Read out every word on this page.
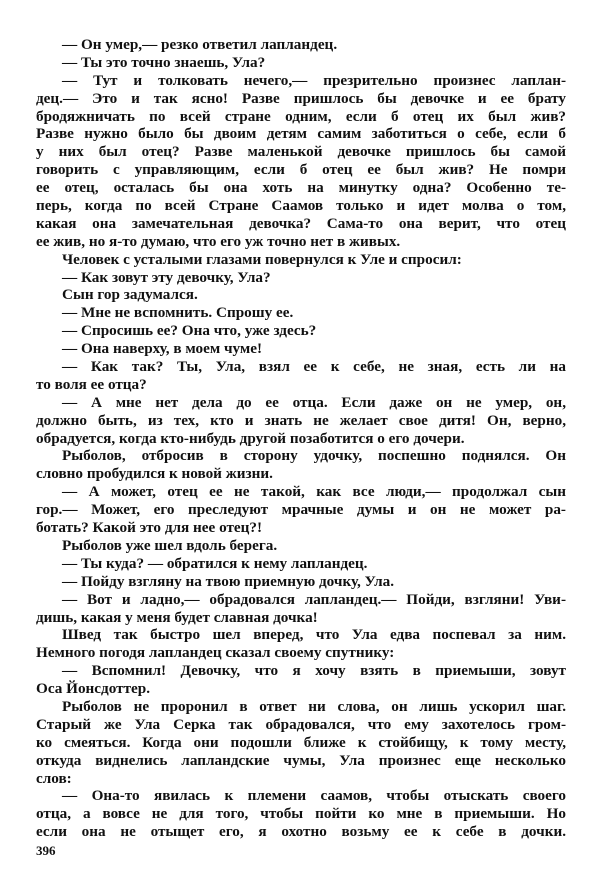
— Он умер,— резко ответил лапландец.
— Ты это точно знаешь, Ула?
— Тут и толковать нечего,— презрительно произнес лаплан-
дец.— Это и так ясно! Разве пришлось бы девочке и ее брату
бродяжничать по всей стране одним, если б отец их был жив?
Разве нужно было бы двоим детям самим заботиться о себе, если б
у них был отец? Разве маленькой девочке пришлось бы самой
говорить с управляющим, если б отец ее был жив? Не помри
ее отец, осталась бы она хоть на минутку одна? Особенно те-
перь, когда по всей Стране Саамов только и идет молва о том,
какая она замечательная девочка? Сама-то она верит, что отец
ее жив, но я-то думаю, что его уж точно нет в живых.
Человек с усталыми глазами повернулся к Уле и спросил:
— Как зовут эту девочку, Ула?
Сын гор задумался.
— Мне не вспомнить. Спрошу ее.
— Спросишь ее? Она что, уже здесь?
— Она наверху, в моем чуме!
— Как так? Ты, Ула, взял ее к себе, не зная, есть ли на
то воля ее отца?
— А мне нет дела до ее отца. Если даже он не умер, он,
должно быть, из тех, кто и знать не желает свое дитя! Он, верно,
обрадуется, когда кто-нибудь другой позаботится о его дочери.
Рыболов, отбросив в сторону удочку, поспешно поднялся. Он
словно пробудился к новой жизни.
— А может, отец ее не такой, как все люди,— продолжал сын
гор.— Может, его преследуют мрачные думы и он не может ра-
ботать? Какой это для нее отец?!
Рыболов уже шел вдоль берега.
— Ты куда? — обратился к нему лапландец.
— Пойду взгляну на твою приемную дочку, Ула.
— Вот и ладно,— обрадовался лапландец.— Пойди, взгляни! Уви-
дишь, какая у меня будет славная дочка!
Швед так быстро шел вперед, что Ула едва поспевал за ним.
Немного погодя лапландец сказал своему спутнику:
— Вспомнил! Девочку, что я хочу взять в приемыши, зовут
Оса Йонсдоттер.
Рыболов не проронил в ответ ни слова, он лишь ускорил шаг.
Старый же Ула Серка так обрадовался, что ему захотелось гром-
ко смеяться. Когда они подошли ближе к стойбищу, к тому месту,
откуда виднелись лапландские чумы, Ула произнес еще несколько
слов:
— Она-то явилась к племени саамов, чтобы отыскать своего
отца, а вовсе не для того, чтобы пойти ко мне в приемыши. Но
если она не отыщет его, я охотно возьму ее к себе в дочки.
396
